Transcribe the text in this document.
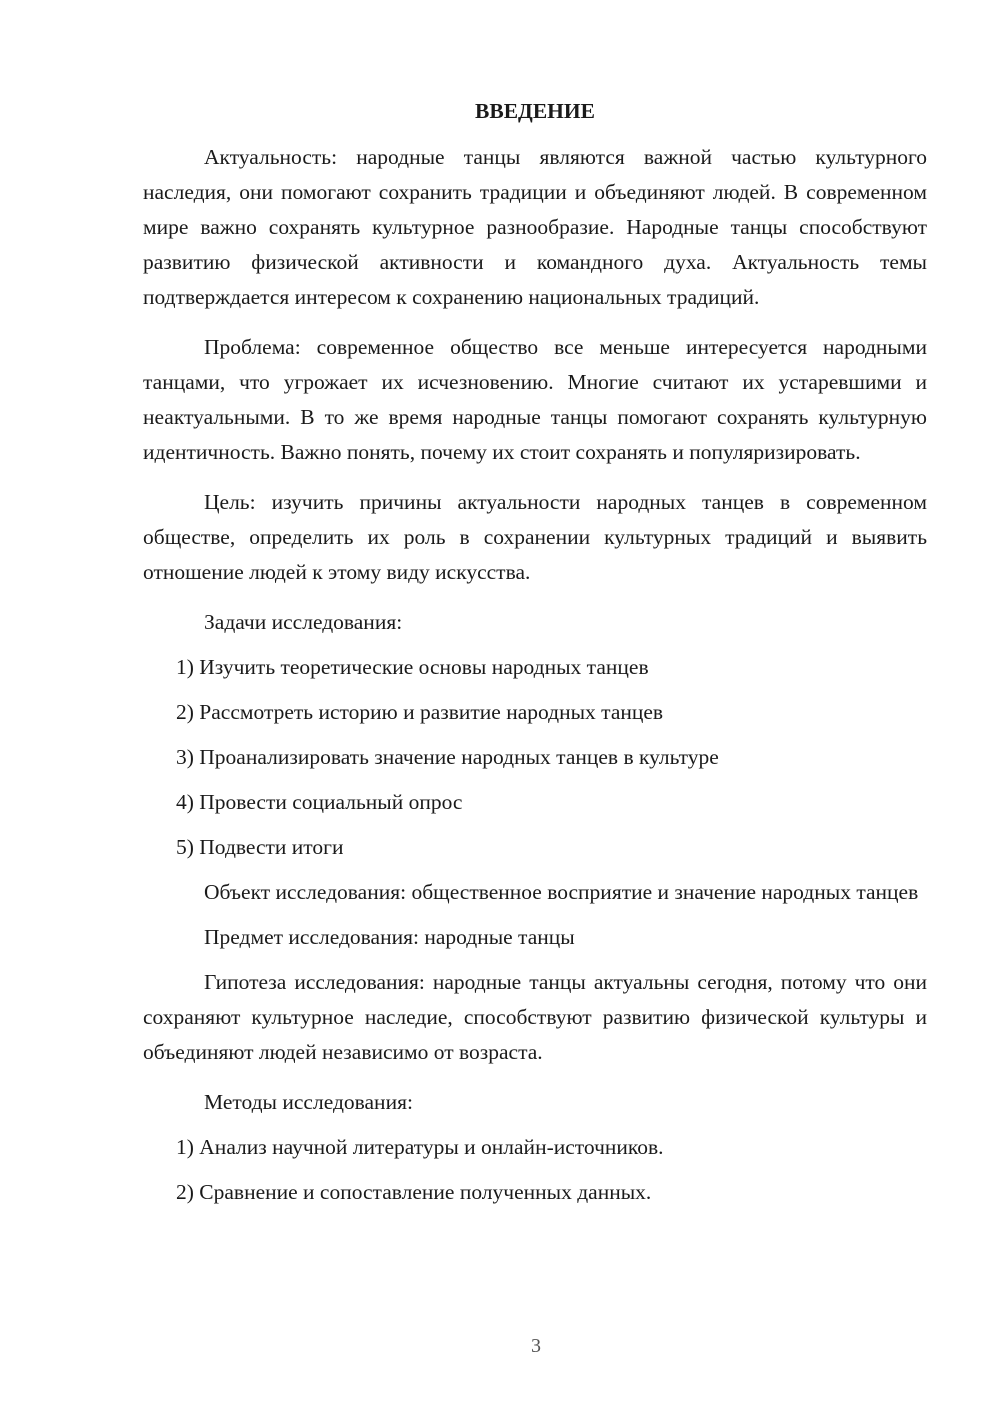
ВВЕДЕНИЕ

Актуальность: народные танцы являются важной частью культурного наследия, они помогают сохранить традиции и объединяют людей. В современном мире важно сохранять культурное разнообразие. Народные танцы способствуют развитию физической активности и командного духа. Актуальность темы подтверждается интересом к сохранению национальных традиций.

Проблема: современное общество все меньше интересуется народными танцами, что угрожает их исчезновению. Многие считают их устаревшими и неактуальными. В то же время народные танцы помогают сохранять культурную идентичность. Важно понять, почему их стоит сохранять и популяризировать.

Цель: изучить причины актуальности народных танцев в современном обществе, определить их роль в сохранении культурных традиций и выявить отношение людей к этому виду искусства.

Задачи исследования:
1) Изучить теоретические основы народных танцев
2) Рассмотреть историю и развитие народных танцев
3) Проанализировать значение народных танцев в культуре
4) Провести социальный опрос
5) Подвести итоги

Объект исследования: общественное восприятие и значение народных танцев

Предмет исследования: народные танцы

Гипотеза исследования: народные танцы актуальны сегодня, потому что они сохраняют культурное наследие, способствуют развитию физической культуры и объединяют людей независимо от возраста.

Методы исследования:
1) Анализ научной литературы и онлайн-источников.
2) Сравнение и сопоставление полученных данных.
3
